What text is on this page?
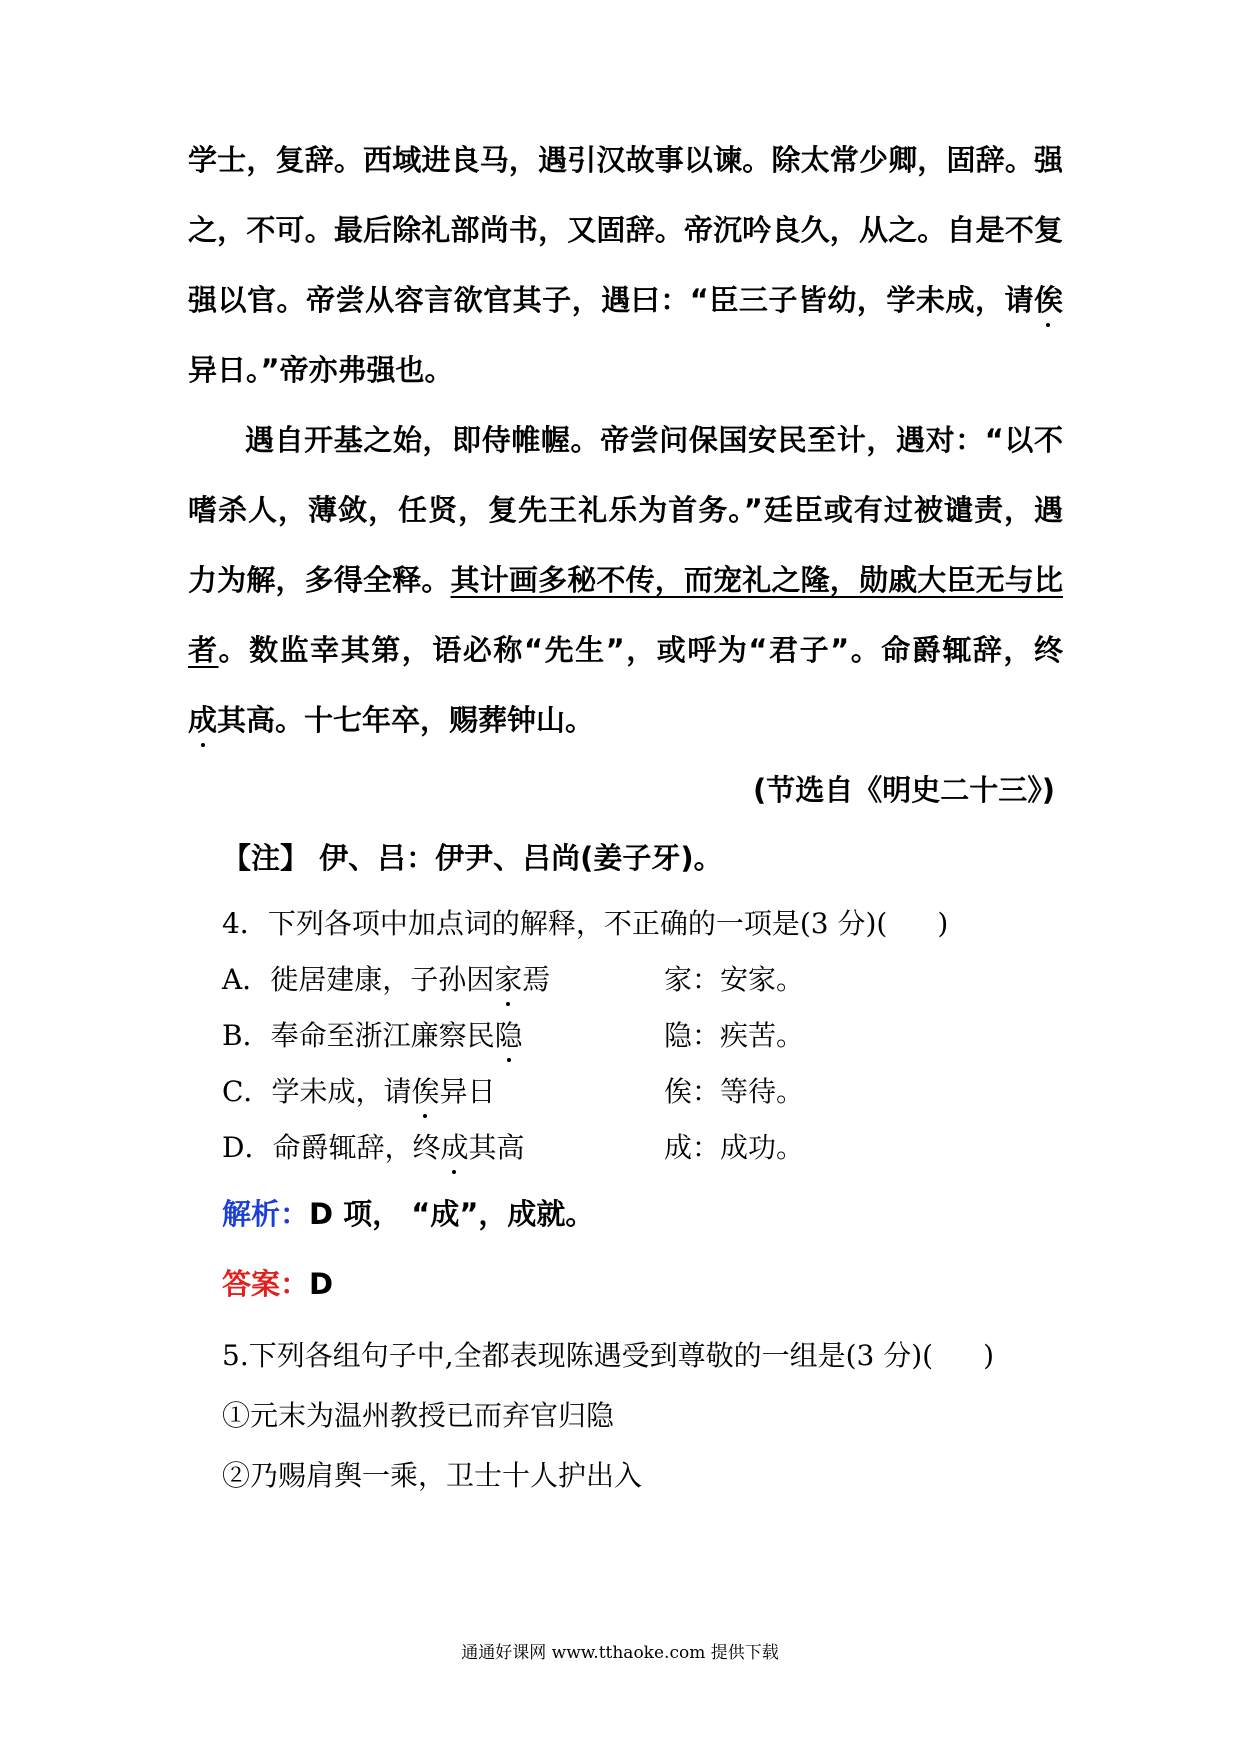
学士，复辞。西域进良马，遇引汉故事以谏。除太常少卿，固辞。强
之，不可。最后除礼部尚书，又固辞。帝沉吟良久，从之。自是不复
强以官。帝尝从容言欲官其子，遇曰：“臣三子皆幼，学未成，请俟
异日。”帝亦弗强也。
遇自开基之始，即侍帷幄。帝尝问保国安民至计，遇对：“以不
嗜杀人，薄敛，任贤，复先王礼乐为首务。”廷臣或有过被谴责，遇
力为解，多得全释。其计画多秘不传，而宠礼之隆，勋戚大臣无与比
者。数监幸其第，语必称“先生”，或呼为“君子”。命爵辄辞，终
成其高。十七年卒，赐葬钟山。
(节选自《明史二十三》)
【注】 伊、吕：伊尹、吕尚(姜子牙)。
4．下列各项中加点词的解释，不正确的一项是(3 分)( )
A．徙居建康，子孙因家焉	家：安家。
B．奉命至浙江廉察民隐	隐：疾苦。
C．学未成，请俟异日	俟：等待。
D．命爵辄辞，终成其高	成：成功。
解析：D 项， “成”，成就。
答案：D
5.下列各组句子中,全都表现陈遇受到尊敬的一组是(3 分)( )
①元末为温州教授已而弃官归隐
②乃赐肩舆一乘，卫士十人护出入
通通好课网 www.tthaoke.com 提供下载
